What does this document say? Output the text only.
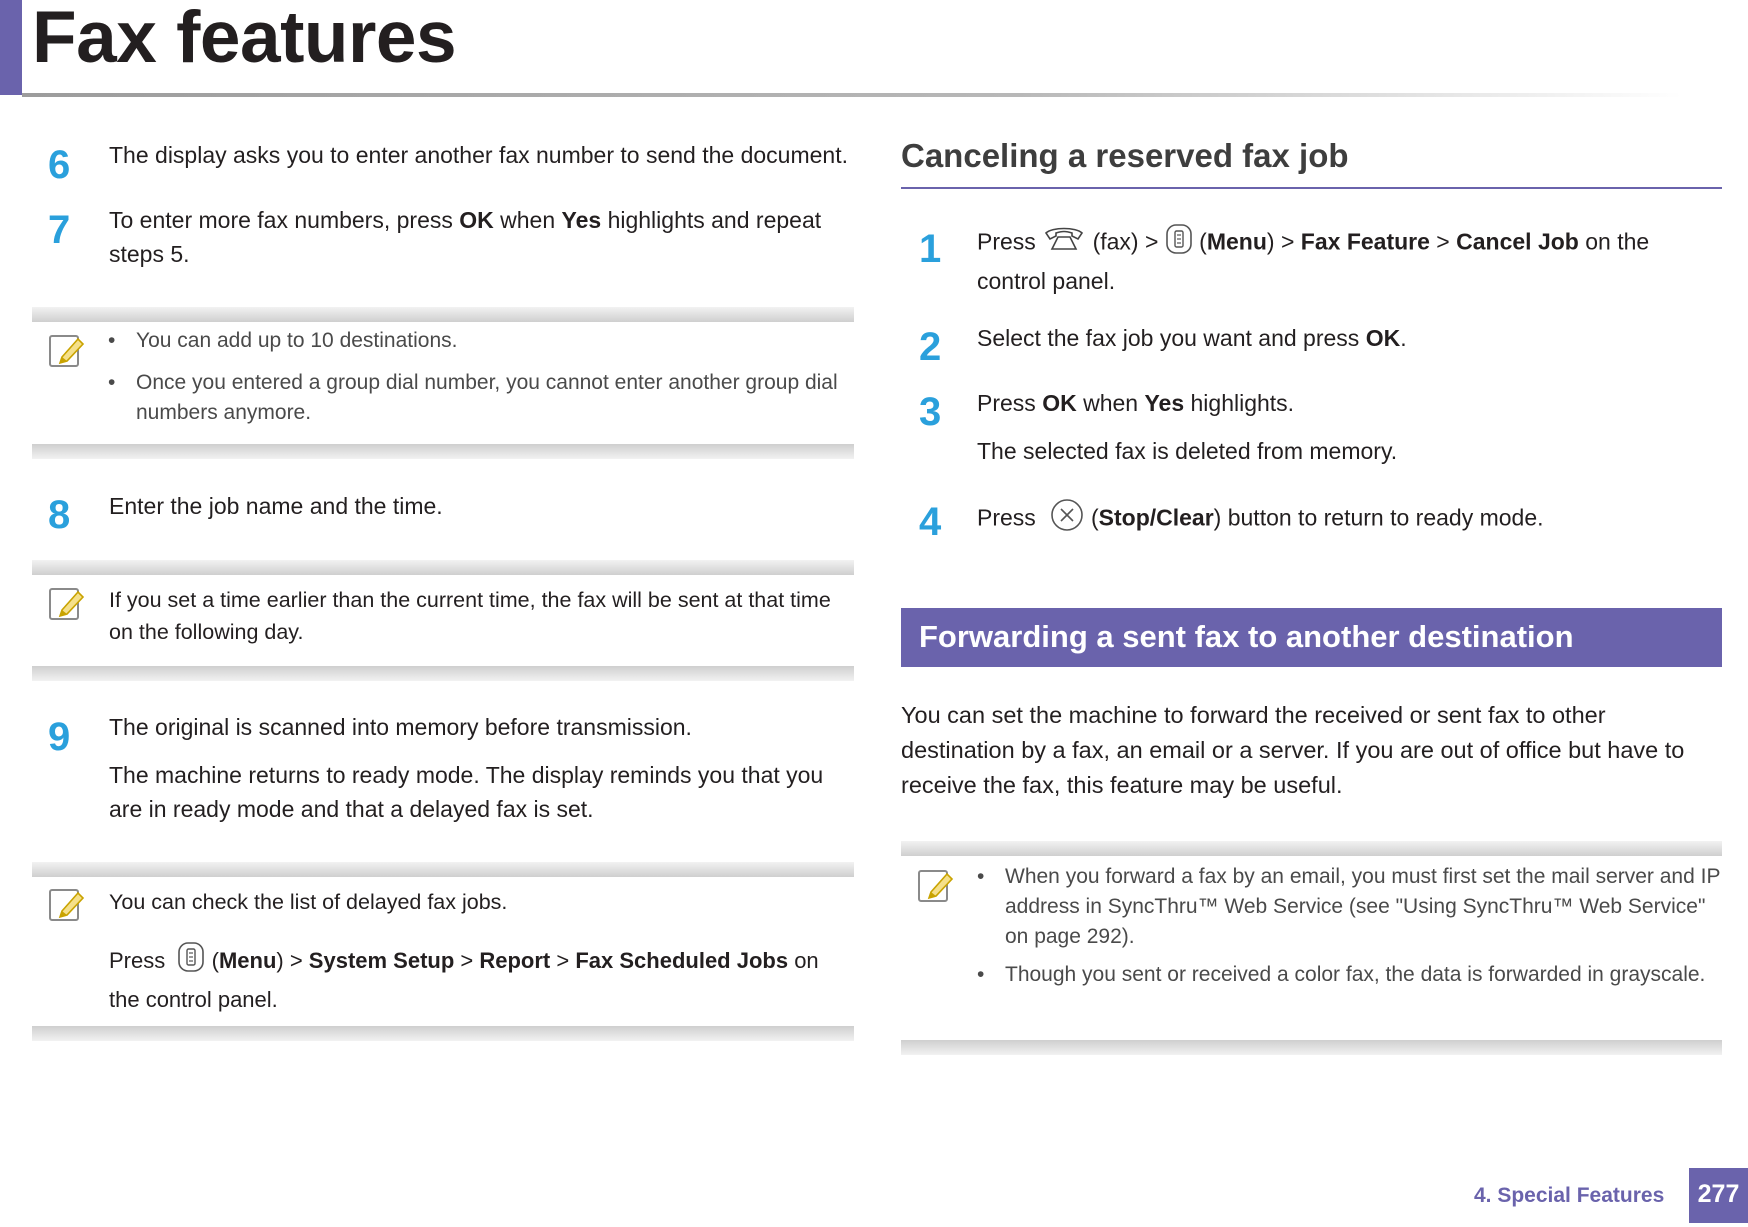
Fax features
6 The display asks you to enter another fax number to send the document.
7 To enter more fax numbers, press OK when Yes highlights and repeat steps 5.
• You can add up to 10 destinations.
• Once you entered a group dial number, you cannot enter another group dial numbers anymore.
8 Enter the job name and the time.
If you set a time earlier than the current time, the fax will be sent at that time on the following day.
9 The original is scanned into memory before transmission.
The machine returns to ready mode. The display reminds you that you are in ready mode and that a delayed fax is set.
You can check the list of delayed fax jobs.
Press (Menu) > System Setup > Report > Fax Scheduled Jobs on the control panel.
Canceling a reserved fax job
1 Press  (fax) >  (Menu) > Fax Feature > Cancel Job on the control panel.
2 Select the fax job you want and press OK.
3 Press OK when Yes highlights.
The selected fax is deleted from memory.
4 Press   (Stop/Clear) button to return to ready mode.
Forwarding a sent fax to another destination
You can set the machine to forward the received or sent fax to other destination by a fax, an email or a server. If you are out of office but have to receive the fax, this feature may be useful.
• When you forward a fax by an email, you must first set the mail server and IP address in SyncThru™ Web Service (see "Using SyncThru™ Web Service" on page 292).
• Though you sent or received a color fax, the data is forwarded in grayscale.
4. Special Features	277
